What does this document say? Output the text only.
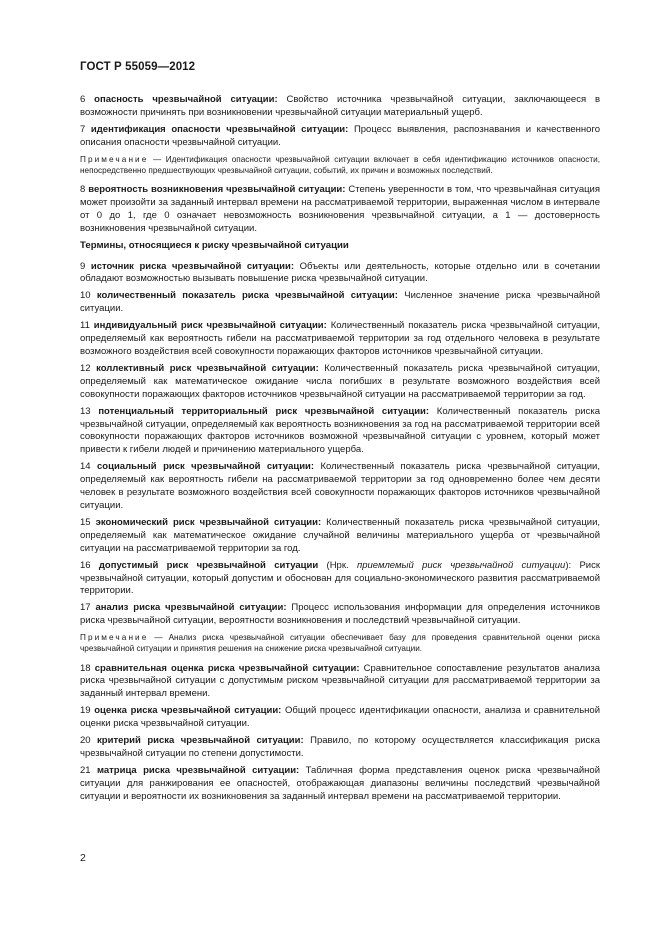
ГОСТ Р 55059—2012

6 опасность чрезвычайной ситуации: Свойство источника чрезвычайной ситуации, заключающееся в возможности причинять при возникновении чрезвычайной ситуации материальный ущерб.

7 идентификация опасности чрезвычайной ситуации: Процесс выявления, распознавания и качественного описания опасности чрезвычайной ситуации.

Примечание — Идентификация опасности чрезвычайной ситуации включает в себя идентификацию источников опасности, непосредственно предшествующих чрезвычайной ситуации, событий, их причин и возможных последствий.

8 вероятность возникновения чрезвычайной ситуации: Степень уверенности в том, что чрезвычайная ситуация может произойти за заданный интервал времени на рассматриваемой территории, выраженная числом в интервале от 0 до 1, где 0 означает невозможность возникновения чрезвычайной ситуации, а 1 — достоверность возникновения чрезвычайной ситуации.

Термины, относящиеся к риску чрезвычайной ситуации

9 источник риска чрезвычайной ситуации: Объекты или деятельность, которые отдельно или в сочетании обладают возможностью вызывать повышение риска чрезвычайной ситуации.

10 количественный показатель риска чрезвычайной ситуации: Численное значение риска чрезвычайной ситуации.

11 индивидуальный риск чрезвычайной ситуации: Количественный показатель риска чрезвычайной ситуации, определяемый как вероятность гибели на рассматриваемой территории за год отдельного человека в результате возможного воздействия всей совокупности поражающих факторов источников чрезвычайной ситуации.

12 коллективный риск чрезвычайной ситуации: Количественный показатель риска чрезвычайной ситуации, определяемый как математическое ожидание числа погибших в результате возможного воздействия всей совокупности поражающих факторов источников чрезвычайной ситуации на рассматриваемой территории за год.

13 потенциальный территориальный риск чрезвычайной ситуации: Количественный показатель риска чрезвычайной ситуации, определяемый как вероятность возникновения за год на рассматриваемой территории всей совокупности поражающих факторов источников возможной чрезвычайной ситуации с уровнем, который может привести к гибели людей и причинению материального ущерба.

14 социальный риск чрезвычайной ситуации: Количественный показатель риска чрезвычайной ситуации, определяемый как вероятность гибели на рассматриваемой территории за год одновременно более чем десяти человек в результате возможного воздействия всей совокупности поражающих факторов источников чрезвычайной ситуации.

15 экономический риск чрезвычайной ситуации: Количественный показатель риска чрезвычайной ситуации, определяемый как математическое ожидание случайной величины материального ущерба от чрезвычайной ситуации на рассматриваемой территории за год.

16 допустимый риск чрезвычайной ситуации (Нрк. приемлемый риск чрезвычайной ситуации): Риск чрезвычайной ситуации, который допустим и обоснован для социально-экономического развития рассматриваемой территории.

17 анализ риска чрезвычайной ситуации: Процесс использования информации для определения источников риска чрезвычайной ситуации, вероятности возникновения и последствий чрезвычайной ситуации.

Примечание — Анализ риска чрезвычайной ситуации обеспечивает базу для проведения сравнительной оценки риска чрезвычайной ситуации и принятия решения на снижение риска чрезвычайной ситуации.

18 сравнительная оценка риска чрезвычайной ситуации: Сравнительное сопоставление результатов анализа риска чрезвычайной ситуации с допустимым риском чрезвычайной ситуации для рассматриваемой территории за заданный интервал времени.

19 оценка риска чрезвычайной ситуации: Общий процесс идентификации опасности, анализа и сравнительной оценки риска чрезвычайной ситуации.

20 критерий риска чрезвычайной ситуации: Правило, по которому осуществляется классификация риска чрезвычайной ситуации по степени допустимости.

21 матрица риска чрезвычайной ситуации: Табличная форма представления оценок риска чрезвычайной ситуации для ранжирования ее опасностей, отображающая диапазоны величины последствий чрезвычайной ситуации и вероятности их возникновения за заданный интервал времени на рассматриваемой территории.

2
